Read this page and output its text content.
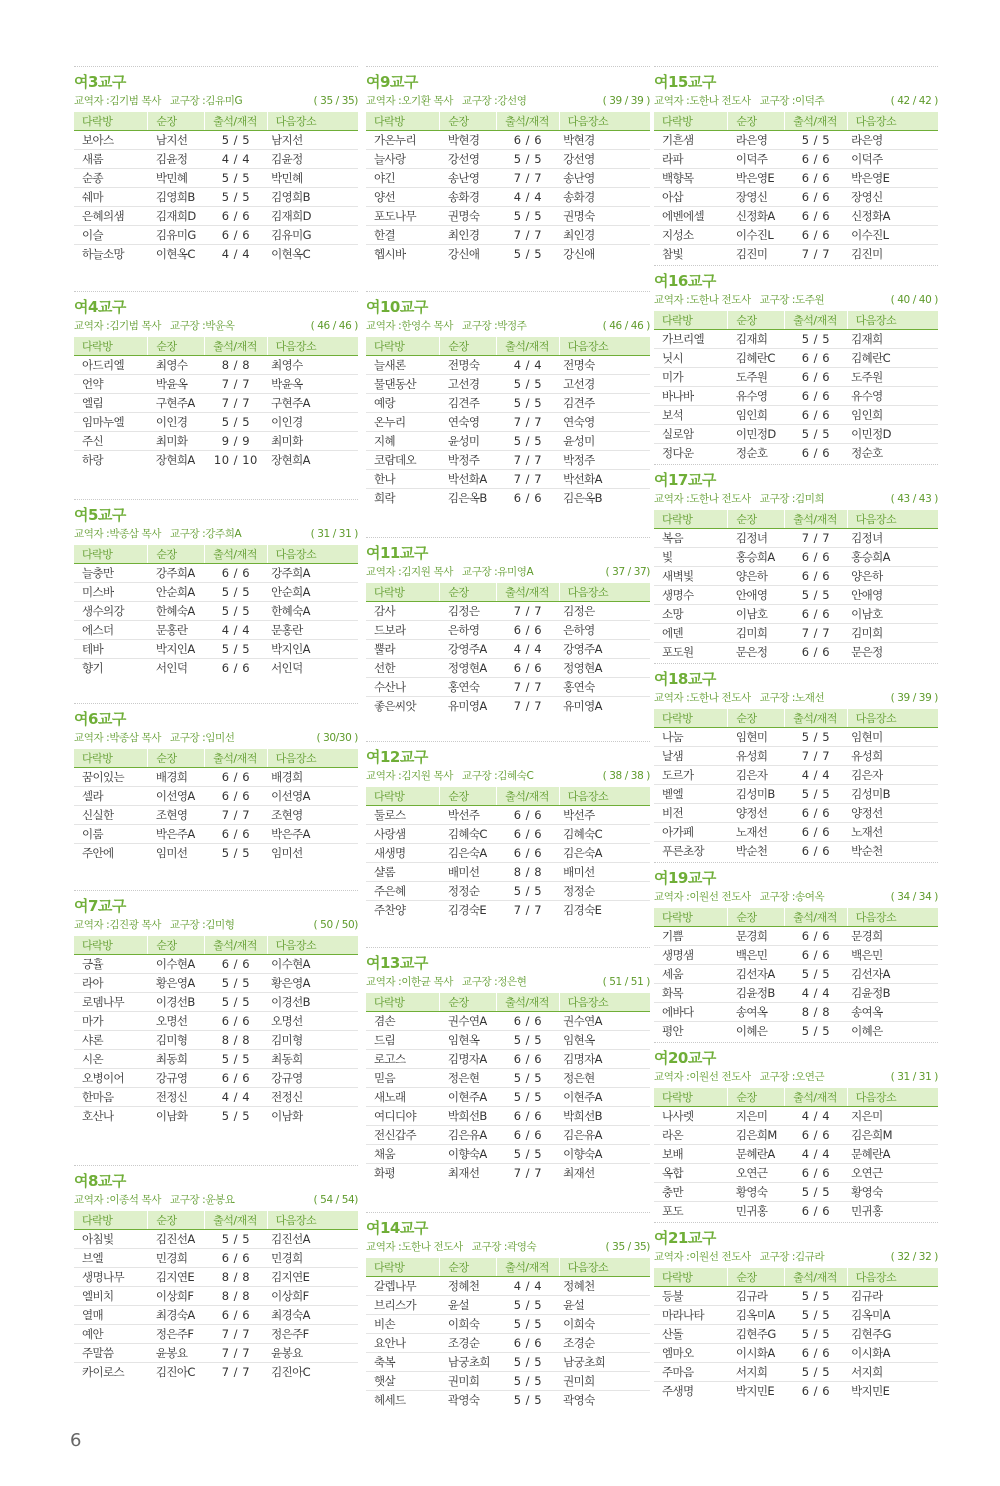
여3교구
교역자 : 김기범 목사 교구장 : 김유미G	( 35 / 35)
다락방	순장	출석/재적	다음장소
보아스	남지선	5 / 5	남지선
새롬	김윤정	4 / 4	김윤정
순종	박민혜	5 / 5	박민혜
쉐마	김영희B	5 / 5	김영희B
은혜의샘	김재희D	6 / 6	김재희D
이슬	김유미G	6 / 6	김유미G
하늘소망	이현옥C	4 / 4	이현옥C
여4교구
교역자 : 김기범 목사 교구장 : 박윤옥	( 46 / 46 )
다락방	순장	출석/재적	다음장소
아드리엘	최영수	8 / 8	최영수
언약	박윤옥	7 / 7	박윤옥
엘림	구현주A	7 / 7	구현주A
임마누엘	이인경	5 / 5	이인경
주신	최미화	9 / 9	최미화
하랑	장현희A	10 / 10	장현희A
여5교구
교역자 : 박종삼 목사 교구장 : 강주희A	( 31 / 31 )
다락방	순장	출석/재적	다음장소
늘충만	강주희A	6 / 6	강주희A
미스바	안순희A	5 / 5	안순희A
생수의강	한혜숙A	5 / 5	한혜숙A
에스더	문홍란	4 / 4	문홍란
테바	박지인A	5 / 5	박지인A
향기	서인덕	6 / 6	서인덕
여6교구
교역자 : 박종삼 목사 교구장 : 임미선	( 30/30 )
다락방	순장	출석/재적	다음장소
꿈이있는	배경희	6 / 6	배경희
셀라	이선영A	6 / 6	이선영A
신실한	조현영	7 / 7	조현영
이룸	박은주A	6 / 6	박은주A
주안에	임미선	5 / 5	임미선
여7교구
교역자 : 김진광 목사 교구장 : 김미형	( 50 / 50)
다락방	순장	출석/재적	다음장소
긍휼	이수현A	6 / 6	이수현A
라아	황은영A	5 / 5	황은영A
로뎀나무	이경선B	5 / 5	이경선B
마가	오명선	6 / 6	오명선
샤론	김미형	8 / 8	김미형
시온	최동희	5 / 5	최동희
오병이어	강규영	6 / 6	강규영
한마음	전정신	4 / 4	전정신
호산나	이남화	5 / 5	이남화
여8교구
교역자 : 이종석 목사 교구장 : 윤봉요	( 54 / 54)
다락방	순장	출석/재적	다음장소
아침빛	김진선A	5 / 5	김진선A
브엘	민경희	6 / 6	민경희
생명나무	김지연E	8 / 8	김지연E
엘비치	이상희F	8 / 8	이상희F
열매	최경숙A	6 / 6	최경숙A
예안	정은주F	7 / 7	정은주F
주말씀	윤봉요	7 / 7	윤봉요
카이로스	김진아C	7 / 7	김진아C
여9교구
교역자 : 오기환 목사 교구장 : 강선영	( 39 / 39 )
다락방	순장	출석/재적	다음장소
가온누리	박현경	6 / 6	박현경
늘사랑	강선영	5 / 5	강선영
야긴	송난영	7 / 7	송난영
양선	송화경	4 / 4	송화경
포도나무	권명숙	5 / 5	권명숙
한결	최인경	7 / 7	최인경
헵시바	강신애	5 / 5	강신애
여10교구
교역자 : 한영수 목사 교구장 : 박정주	( 46 / 46 )
다락방	순장	출석/재적	다음장소
늘새론	전명숙	4 / 4	전명숙
물댄동산	고선경	5 / 5	고선경
예랑	김견주	5 / 5	김견주
온누리	연숙영	7 / 7	연숙영
지혜	윤성미	5 / 5	윤성미
코람데오	박정주	7 / 7	박정주
한나	박선화A	7 / 7	박선화A
희락	김은옥B	6 / 6	김은옥B
여11교구
교역자 : 김지원 목사 교구장 : 유미영A	( 37 / 37)
다락방	순장	출석/재적	다음장소
감사	김정은	7 / 7	김정은
드보라	은하영	6 / 6	은하영
뿔라	강영주A	4 / 4	강영주A
선한	정영현A	6 / 6	정영현A
수산나	홍연숙	7 / 7	홍연숙
좋은씨앗	유미영A	7 / 7	유미영A
여12교구
교역자 : 김지원 목사 교구장 : 김혜숙C	( 38 / 38 )
다락방	순장	출석/재적	다음장소
둘로스	박선주	6 / 6	박선주
사랑샘	김혜숙C	6 / 6	김혜숙C
새생명	김은숙A	6 / 6	김은숙A
샬롬	배미선	8 / 8	배미선
주은혜	정정순	5 / 5	정정순
주찬양	김경숙E	7 / 7	김경숙E
여13교구
교역자 : 이한균 목사 교구장 : 정은현	( 51 / 51 )
다락방	순장	출석/재적	다음장소
겸손	권수연A	6 / 6	권수연A
드림	임현옥	5 / 5	임현옥
로고스	김명자A	6 / 6	김명자A
믿음	정은현	5 / 5	정은현
새노래	이현주A	5 / 5	이현주A
여디디야	박희선B	6 / 6	박희선B
전신갑주	김은유A	6 / 6	김은유A
채움	이향숙A	5 / 5	이향숙A
화평	최재선	7 / 7	최재선
여14교구
교역자 : 도한나 전도사 교구장 : 곽영숙	( 35 / 35)
다락방	순장	출석/재적	다음장소
갈렙나무	정혜천	4 / 4	정혜천
브리스가	윤설	5 / 5	윤설
비손	이희숙	5 / 5	이희숙
요안나	조경순	6 / 6	조경순
축복	남궁초희	5 / 5	남궁초희
햇살	권미희	5 / 5	권미희
헤세드	곽영숙	5 / 5	곽영숙
여15교구
교역자 : 도한나 전도사 교구장 : 이덕주	( 42 / 42 )
다락방	순장	출석/재적	다음장소
기흔샘	라은영	5 / 5	라은영
라파	이덕주	6 / 6	이덕주
백향목	박은영E	6 / 6	박은영E
아삽	장영신	6 / 6	장영신
에벤에셀	신정화A	6 / 6	신정화A
지성소	이수진L	6 / 6	이수진L
참빛	김진미	7 / 7	김진미
여16교구
교역자 : 도한나 전도사 교구장 : 도주원	( 40 / 40 )
다락방	순장	출석/재적	다음장소
가브리엘	김재희	5 / 5	김재희
닛시	김혜란C	6 / 6	김혜란C
미가	도주원	6 / 6	도주원
바나바	유수영	6 / 6	유수영
보석	임인희	6 / 6	임인희
실로암	이민정D	5 / 5	이민정D
정다운	정순호	6 / 6	정순호
여17교구
교역자 : 도한나 전도사 교구장 : 김미희	( 43 / 43 )
다락방	순장	출석/재적	다음장소
복음	김정녀	7 / 7	김정녀
빛	홍승희A	6 / 6	홍승희A
새벽빛	양은하	6 / 6	양은하
생명수	안애영	5 / 5	안애영
소망	이남호	6 / 6	이남호
에덴	김미희	7 / 7	김미희
포도원	문은정	6 / 6	문은정
여18교구
교역자 : 도한나 전도사 교구장 : 노재선	( 39 / 39 )
다락방	순장	출석/재적	다음장소
나눔	임현미	5 / 5	임현미
날샘	유성희	7 / 7	유성희
도르가	김은자	4 / 4	김은자
벧엘	김성미B	5 / 5	김성미B
비전	양정선	6 / 6	양정선
아가페	노재선	6 / 6	노재선
푸른초장	박순천	6 / 6	박순천
여19교구
교역자 : 이원선 전도사 교구장 : 송여옥	( 34 / 34 )
다락방	순장	출석/재적	다음장소
기쁨	문경희	6 / 6	문경희
생명샘	백은민	6 / 6	백은민
세움	김선자A	5 / 5	김선자A
화목	김윤정B	4 / 4	김윤정B
에바다	송여옥	8 / 8	송여옥
평안	이혜은	5 / 5	이혜은
여20교구
교역자 : 이원선 전도사 교구장 : 오연근	( 31 / 31 )
다락방	순장	출석/재적	다음장소
나사렛	지은미	4 / 4	지은미
라온	김은희M	6 / 6	김은희M
보배	문혜란A	4 / 4	문혜란A
옥합	오연근	6 / 6	오연근
충만	황영숙	5 / 5	황영숙
포도	민귀홍	6 / 6	민귀홍
여21교구
교역자 : 이원선 전도사 교구장 : 김규라	( 32 / 32 )
다락방	순장	출석/재적	다음장소
등불	김규라	5 / 5	김규라
마라나타	김옥미A	5 / 5	김옥미A
산돌	김현주G	5 / 5	김현주G
엠마오	이시화A	6 / 6	이시화A
주마음	서지희	5 / 5	서지희
주생명	박지민E	6 / 6	박지민E
6
